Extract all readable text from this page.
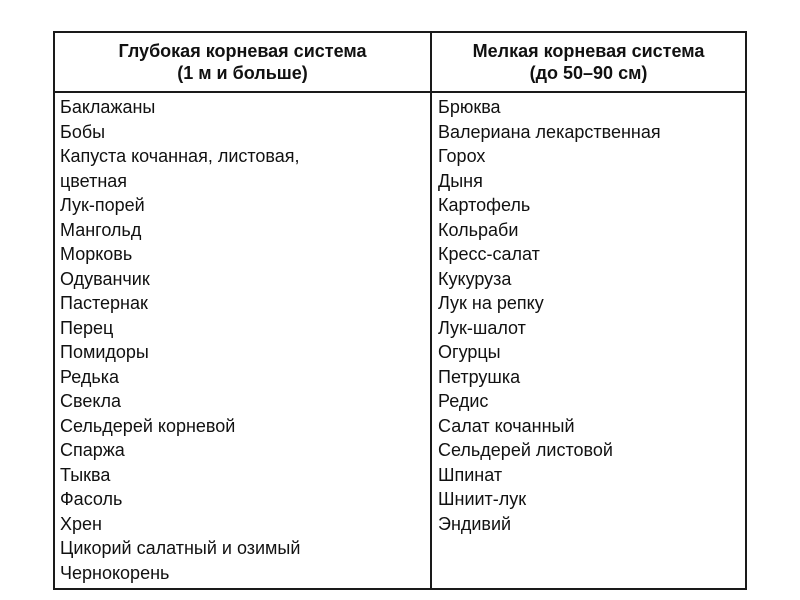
Глубокая корневая система
(1 м и больше)
Баклажаны
Бобы
Капуста кочанная, листовая,
цветная
Лук-порей
Мангольд
Морковь
Одуванчик
Пастернак
Перец
Помидоры
Редька
Свекла
Сельдерей корневой
Спаржа
Тыква
Фасоль
Хрен
Цикорий салатный и озимый
Чернокорень
Мелкая корневая система
(до 50–90 см)
Брюква
Валериана лекарственная
Горох
Дыня
Картофель
Кольраби
Кресс-салат
Кукуруза
Лук на репку
Лук-шалот
Огурцы
Петрушка
Редис
Салат кочанный
Сельдерей листовой
Шпинат
Шниит-лук
Эндивий
